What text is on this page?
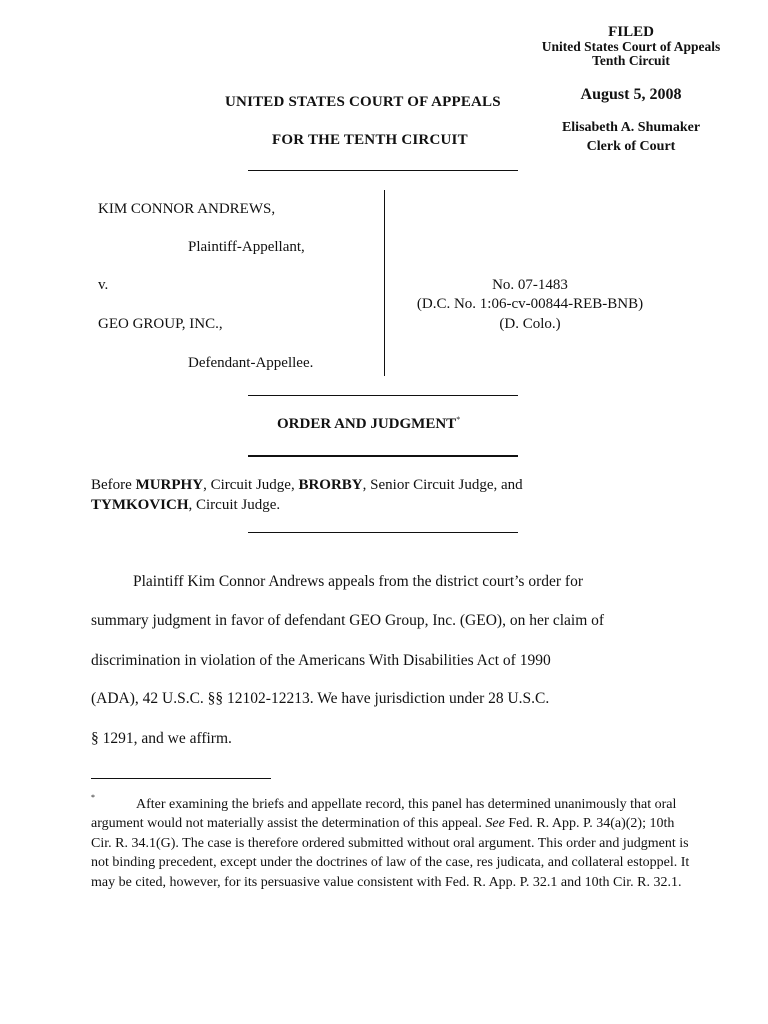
FILED
United States Court of Appeals
Tenth Circuit
August 5, 2008
Elisabeth A. Shumaker
Clerk of Court
UNITED STATES COURT OF APPEALS
FOR THE TENTH CIRCUIT
KIM CONNOR ANDREWS,
Plaintiff-Appellant,
v.
GEO GROUP, INC.,
Defendant-Appellee.
No. 07-1483
(D.C. No. 1:06-cv-00844-REB-BNB)
(D. Colo.)
ORDER AND JUDGMENT*
Before MURPHY, Circuit Judge, BRORBY, Senior Circuit Judge, and
TYMKOVICH, Circuit Judge.
Plaintiff Kim Connor Andrews appeals from the district court’s order for
summary judgment in favor of defendant GEO Group, Inc. (GEO), on her claim of
discrimination in violation of the Americans With Disabilities Act of 1990
(ADA), 42 U.S.C. §§ 12102-12213. We have jurisdiction under 28 U.S.C.
§ 1291, and we affirm.
*	After examining the briefs and appellate record, this panel has determined unanimously that oral argument would not materially assist the determination of this appeal. See Fed. R. App. P. 34(a)(2); 10th Cir. R. 34.1(G). The case is therefore ordered submitted without oral argument. This order and judgment is not binding precedent, except under the doctrines of law of the case, res judicata, and collateral estoppel. It may be cited, however, for its persuasive value consistent with Fed. R. App. P. 32.1 and 10th Cir. R. 32.1.
